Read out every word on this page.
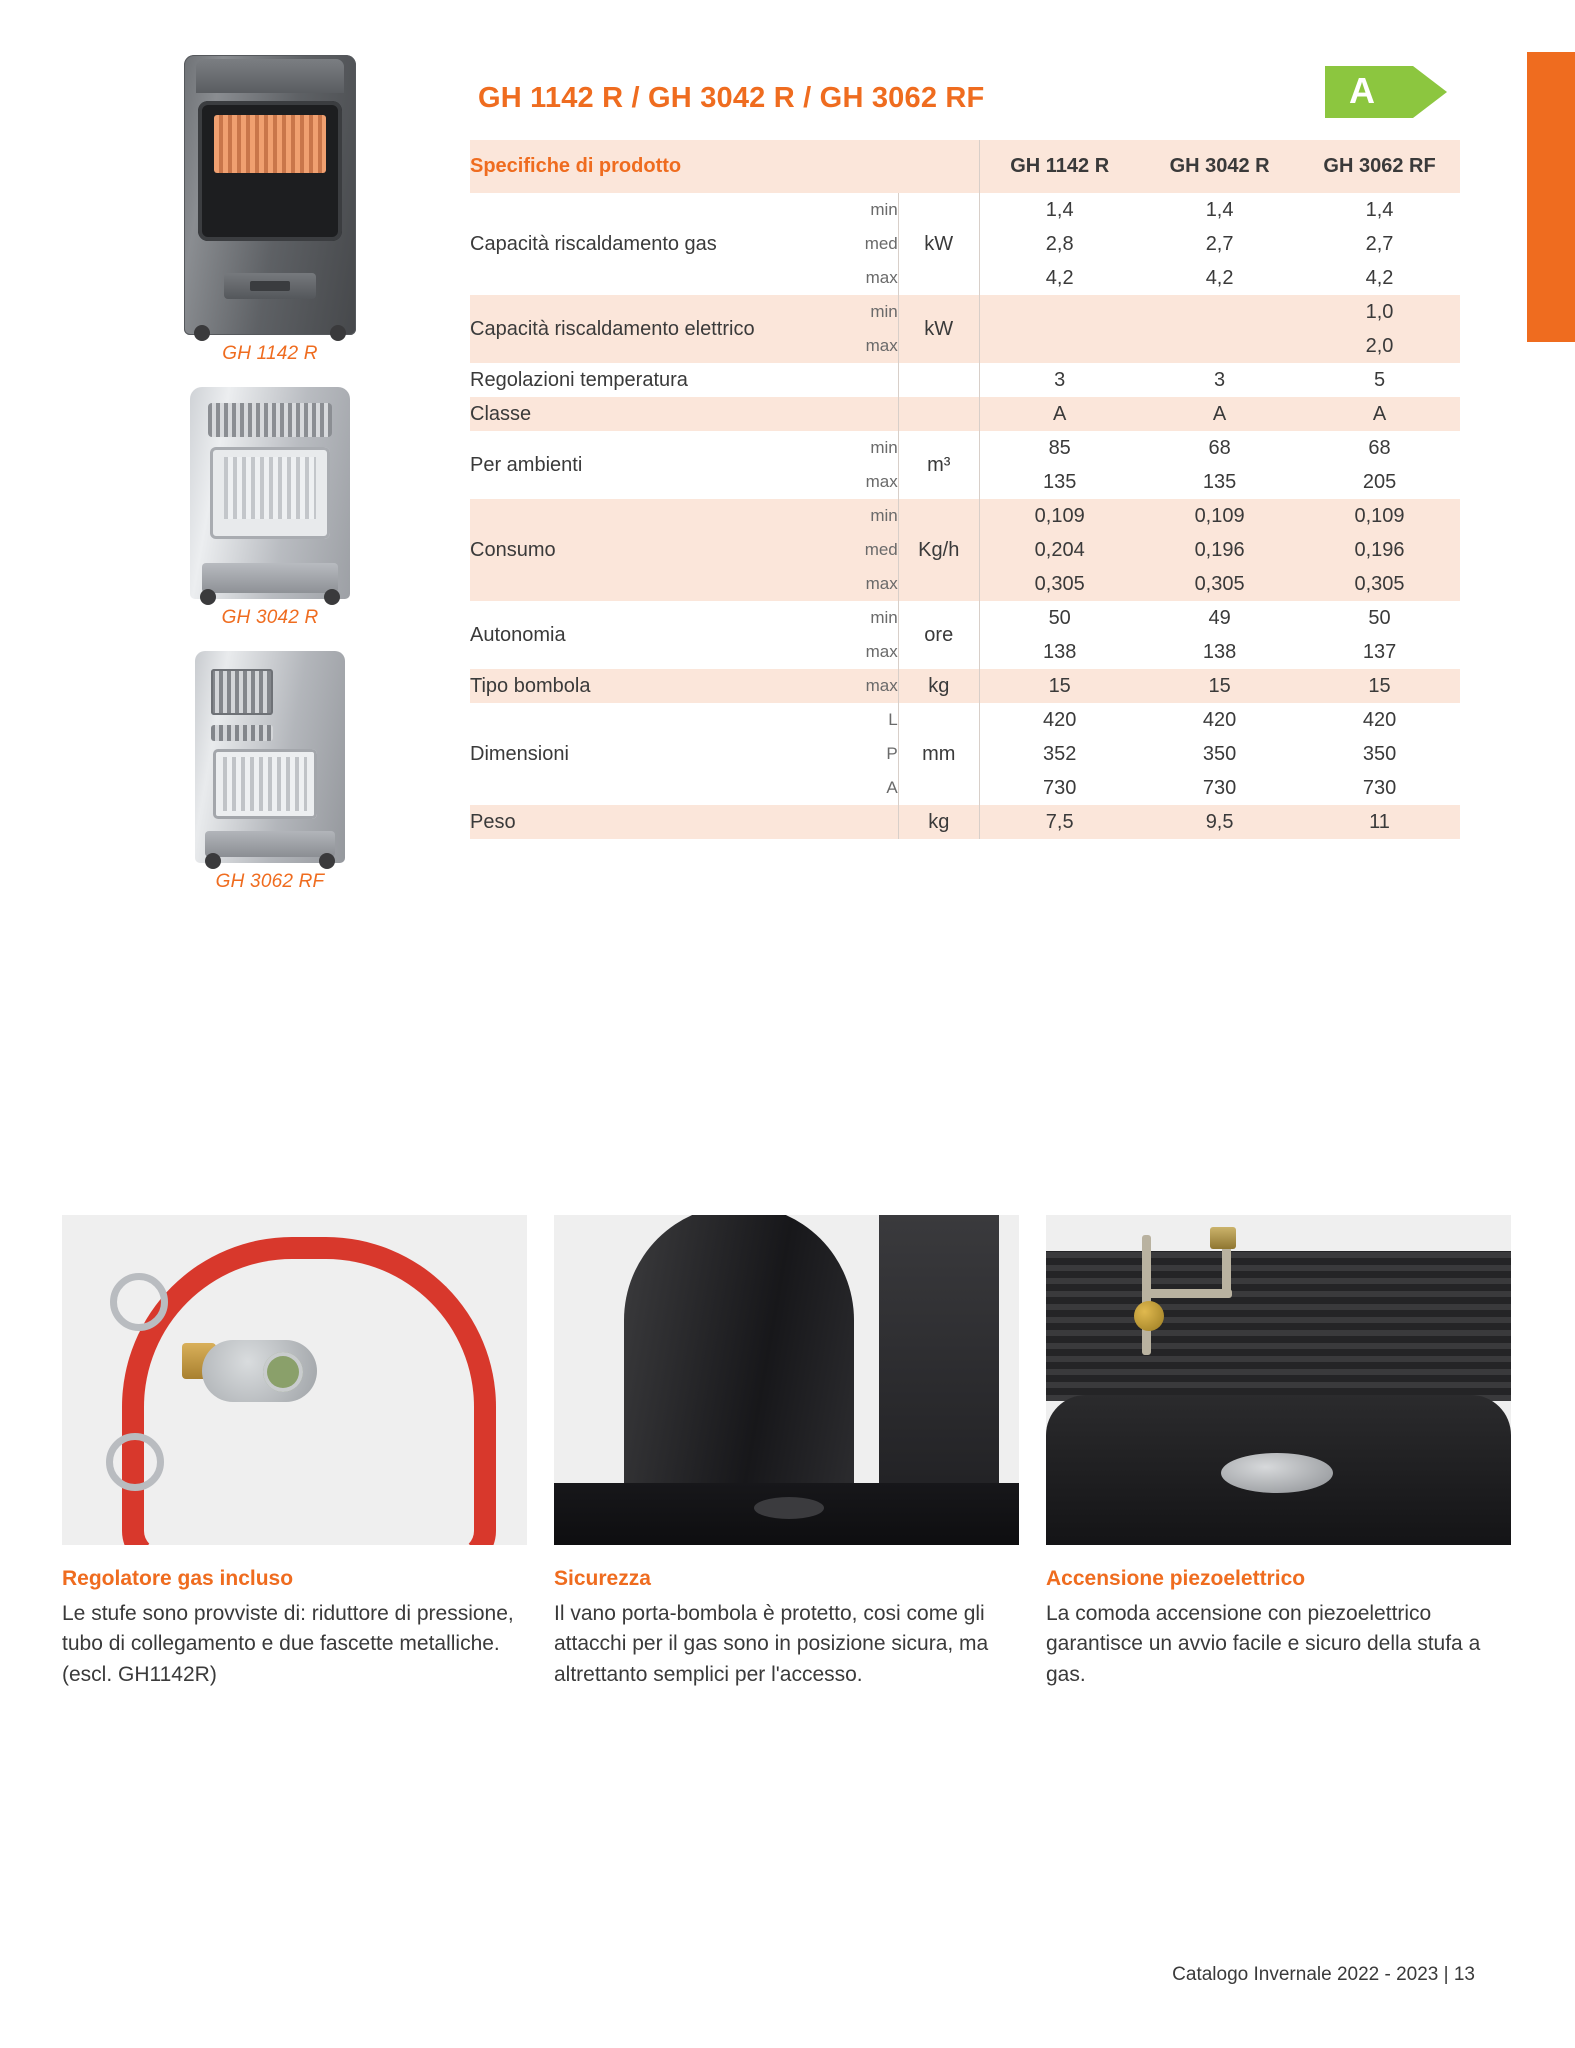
GH 1142 R
GH 3042 R
GH 3062 RF
GH 1142 R / GH 3042 R / GH 3062 RF	A
Specifiche di prodotto			GH 1142 R	GH 3042 R	GH 3062 RF
Capacità riscaldamento gas	min	kW	1,4	1,4	1,4
	med		2,8	2,7	2,7
	max		4,2	4,2	4,2
Capacità riscaldamento elettrico	min	kW			1,0
	max				2,0
Regolazioni temperatura			3	3	5
Classe			A	A	A
Per ambienti	min	m³	85	68	68
	max		135	135	205
Consumo	min	Kg/h	0,109	0,109	0,109
	med		0,204	0,196	0,196
	max		0,305	0,305	0,305
Autonomia	min	ore	50	49	50
	max		138	138	137
Tipo bombola	max	kg	15	15	15
Dimensioni	L	mm	420	420	420
	P		352	350	350
	A		730	730	730
Peso		kg	7,5	9,5	11
Regolatore gas incluso

Le stufe sono provviste di: riduttore di pressione, tubo di collegamento e due fascette metalliche. (escl. GH1142R)

Sicurezza

Il vano porta-bombola è protetto, cosi come gli attacchi per il gas sono in posizione sicura, ma altrettanto semplici per l'accesso.

Accensione piezoelettrico

La comoda accensione con piezoelettrico garantisce un avvio facile e sicuro della stufa a gas.

Catalogo Invernale 2022 - 2023 | 13
